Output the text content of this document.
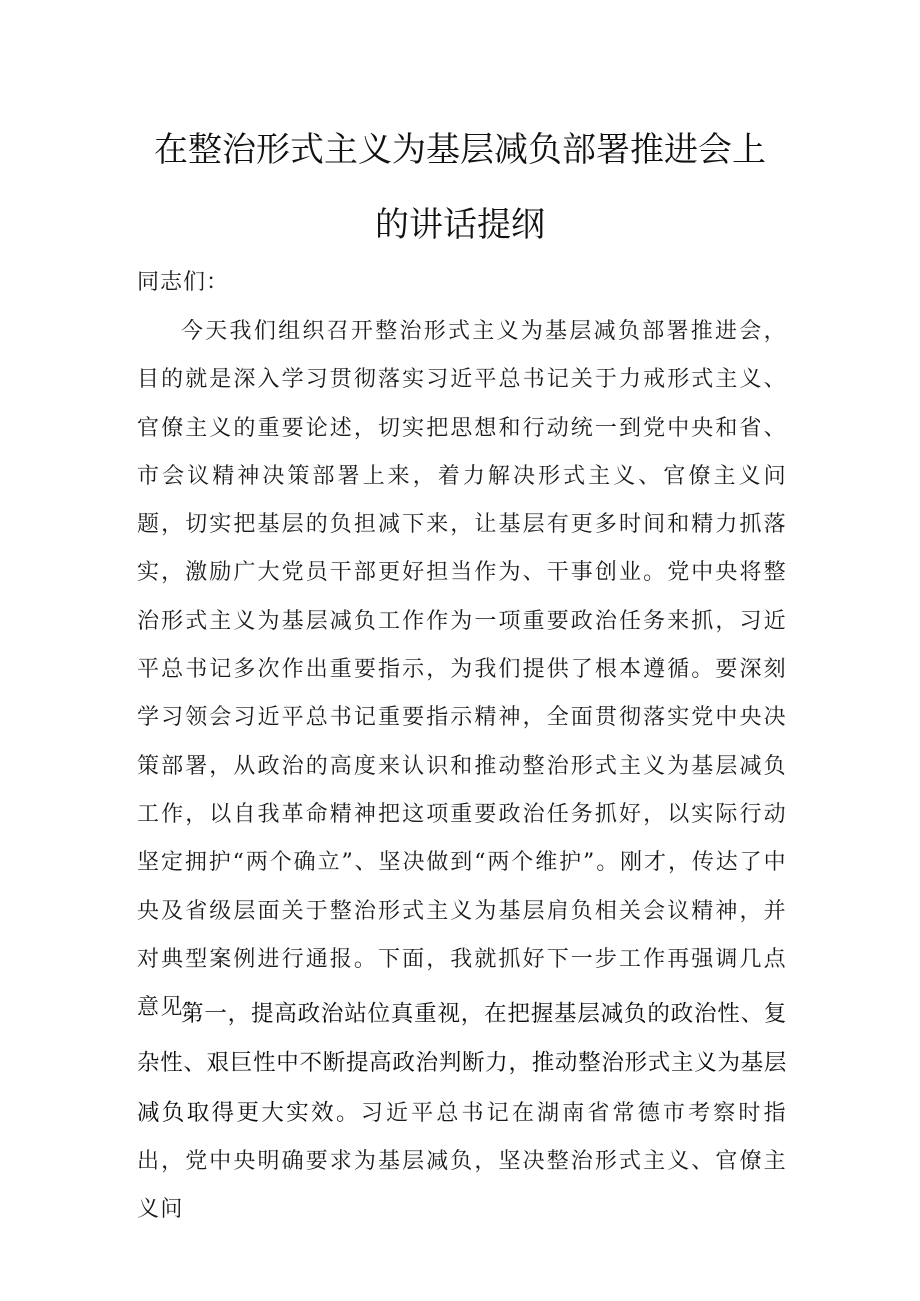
在整治形式主义为基层减负部署推进会上
的讲话提纲

同志们：

今天我们组织召开整治形式主义为基层减负部署推进会，目的就是深入学习贯彻落实习近平总书记关于力戒形式主义、官僚主义的重要论述，切实把思想和行动统一到党中央和省、市会议精神决策部署上来，着力解决形式主义、官僚主义问题，切实把基层的负担减下来，让基层有更多时间和精力抓落实，激励广大党员干部更好担当作为、干事创业。党中央将整治形式主义为基层减负工作作为一项重要政治任务来抓，习近平总书记多次作出重要指示，为我们提供了根本遵循。要深刻学习领会习近平总书记重要指示精神，全面贯彻落实党中央决策部署，从政治的高度来认识和推动整治形式主义为基层减负工作，以自我革命精神把这项重要政治任务抓好，以实际行动坚定拥护“两个确立”、坚决做到“两个维护”。刚才，传达了中央及省级层面关于整治形式主义为基层肩负相关会议精神，并对典型案例进行通报。下面，我就抓好下一步工作再强调几点意见：

第一，提高政治站位真重视，在把握基层减负的政治性、复杂性、艰巨性中不断提高政治判断力，推动整治形式主义为基层减负取得更大实效。习近平总书记在湖南省常德市考察时指出，党中央明确要求为基层减负，坚决整治形式主义、官僚主义问
